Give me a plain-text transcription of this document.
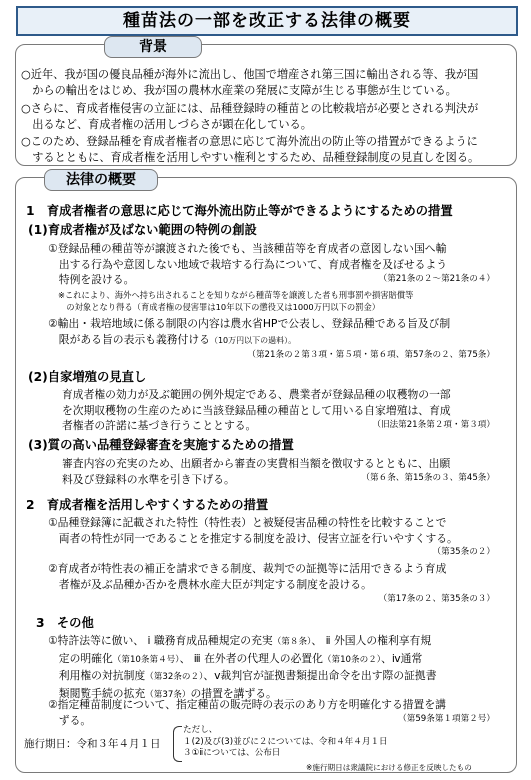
種苗法の一部を改正する法律の概要
背景
○近年、我が国の優良品種が海外に流出し、他国で増産され第三国に輸出される等、我が国
　からの輸出をはじめ、我が国の農林水産業の発展に支障が生じる事態が生じている。
○さらに、育成者権侵害の立証には、品種登録時の種苗との比較栽培が必要とされる判決が
　出るなど、育成者権の活用しづらさが顕在化している。
○このため、登録品種を育成者権者の意思に応じて海外流出の防止等の措置ができるように
　するとともに、育成者権を活用しやすい権利とするため、品種登録制度の見直しを図る。
法律の概要
1　育成者権者の意思に応じて海外流出防止等ができるようにするための措置
(1)育成者権が及ばない範囲の特例の創設
①登録品種の種苗等が譲渡された後でも、当該種苗等を育成者の意図しない国へ輸
　出する行為や意図しない地域で栽培する行為について、育成者権を及ぼせるよう
　特例を設ける。	（第21条の２～第21条の４）
※これにより、海外へ持ち出されることを知りながら種苗等を譲渡した者も刑事罰や損害賠償等
　の対象となり得る（育成者権の侵害罪は10年以下の懲役又は1000万円以下の罰金）
②輸出・栽培地域に係る制限の内容は農水省HPで公表し、登録品種である旨及び制
　限がある旨の表示も義務付ける（10万円以下の過料）。
（第21条の２第３項・第５項・第６項、第57条の２、第75条）
(2)自家増殖の見直し
育成者権の効力が及ぶ範囲の例外規定である、農業者が登録品種の収穫物の一部
を次期収穫物の生産のために当該登録品種の種苗として用いる自家増殖は、育成
者権者の許諾に基づき行うこととする。	（旧法第21条第２項・第３項）
(3)質の高い品種登録審査を実施するための措置
審査内容の充実のため、出願者から審査の実費相当額を徴収するとともに、出願
料及び登録料の水準を引き下げる。	（第６条、第15条の３、第45条）
2　育成者権を活用しやすくするための措置
①品種登録簿に記載された特性（特性表）と被疑侵害品種の特性を比較することで
　両者の特性が同一であることを推定する制度を設け、侵害立証を行いやすくする。
（第35条の２）
②育成者が特性表の補正を請求できる制度、裁判での証拠等に活用できるよう育成
　者権が及ぶ品種か否かを農林水産大臣が判定する制度を設ける。
（第17条の２、第35条の３）
3　その他
①特許法等に倣い、 ⅰ 職務育成品種規定の充実（第８条）、 ⅱ 外国人の権利享有規
　定の明確化（第10条第４号）、 ⅲ 在外者の代理人の必置化（第10条の２）、ⅳ通常
　利用権の対抗制度（第32条の２）、ⅴ裁判官が証拠書類提出命令を出す際の証拠書
　類閲覧手続の拡充（第37条）の措置を講ずる。
②指定種苗制度について、指定種苗の販売時の表示のあり方を明確化する措置を講
　ずる。	（第59条第１項第２号）
施行期日：令和３年４月１日
ただし、
１(2)及び(3)並びに２については、令和４年４月１日
３①ⅱについては、公布日
※施行期日は衆議院における修正を反映したもの
